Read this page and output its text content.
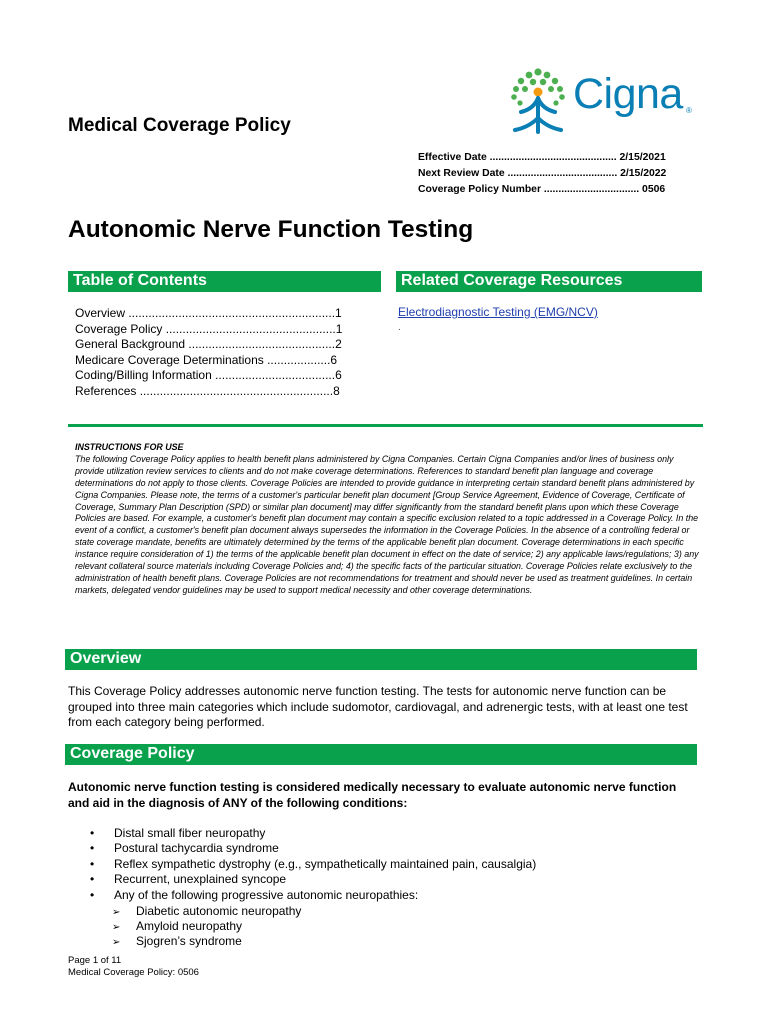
Cigna ®
Medical Coverage Policy
Effective Date ............................................ 2/15/2021
Next Review Date ...................................... 2/15/2022
Coverage Policy Number ................................. 0506
Autonomic Nerve Function Testing
Table of Contents
Overview ..............................................................1
Coverage Policy ...................................................1
General Background ............................................2
Medicare Coverage Determinations ...................6
Coding/Billing Information ....................................6
References ..........................................................8
Related Coverage Resources
Electrodiagnostic Testing (EMG/NCV)
.
INSTRUCTIONS FOR USE
The following Coverage Policy applies to health benefit plans administered by Cigna Companies. Certain Cigna Companies and/or lines of business only provide utilization review services to clients and do not make coverage determinations. References to standard benefit plan language and coverage determinations do not apply to those clients. Coverage Policies are intended to provide guidance in interpreting certain standard benefit plans administered by Cigna Companies. Please note, the terms of a customer's particular benefit plan document [Group Service Agreement, Evidence of Coverage, Certificate of Coverage, Summary Plan Description (SPD) or similar plan document] may differ significantly from the standard benefit plans upon which these Coverage Policies are based. For example, a customer's benefit plan document may contain a specific exclusion related to a topic addressed in a Coverage Policy. In the event of a conflict, a customer's benefit plan document always supersedes the information in the Coverage Policies. In the absence of a controlling federal or state coverage mandate, benefits are ultimately determined by the terms of the applicable benefit plan document. Coverage determinations in each specific instance require consideration of 1) the terms of the applicable benefit plan document in effect on the date of service; 2) any applicable laws/regulations; 3) any relevant collateral source materials including Coverage Policies and; 4) the specific facts of the particular situation. Coverage Policies relate exclusively to the administration of health benefit plans. Coverage Policies are not recommendations for treatment and should never be used as treatment guidelines. In certain markets, delegated vendor guidelines may be used to support medical necessity and other coverage determinations.
Overview
This Coverage Policy addresses autonomic nerve function testing. The tests for autonomic nerve function can be grouped into three main categories which include sudomotor, cardiovagal, and adrenergic tests, with at least one test from each category being performed.
Coverage Policy
Autonomic nerve function testing is considered medically necessary to evaluate autonomic nerve function and aid in the diagnosis of ANY of the following conditions:
• Distal small fiber neuropathy
• Postural tachycardia syndrome
• Reflex sympathetic dystrophy (e.g., sympathetically maintained pain, causalgia)
• Recurrent, unexplained syncope
• Any of the following progressive autonomic neuropathies:
➢ Diabetic autonomic neuropathy
➢ Amyloid neuropathy
➢ Sjogren’s syndrome
Page 1 of 11
Medical Coverage Policy: 0506
